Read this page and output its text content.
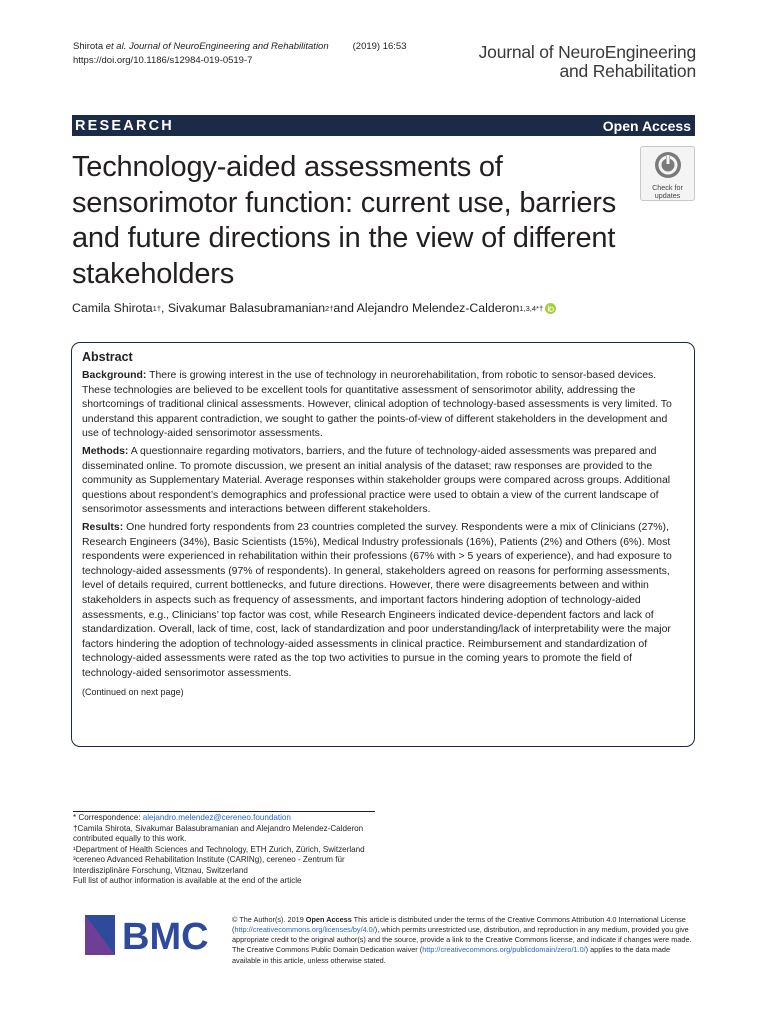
Shirota et al. Journal of NeuroEngineering and Rehabilitation	(2019) 16:53
https://doi.org/10.1186/s12984-019-0519-7	Journal of NeuroEngineering
and Rehabilitation
RESEARCH	Open Access
Technology-aided assessments of sensorimotor function: current use, barriers and future directions in the view of different stakeholders
Check for
updates
Camila Shirota 1† , Sivakumar Balasubramanian 2† and Alejandro Melendez-Calderon 1,3,4*†
Abstract

Background: There is growing interest in the use of technology in neurorehabilitation, from robotic to sensor-based devices. These technologies are believed to be excellent tools for quantitative assessment of sensorimotor ability, addressing the shortcomings of traditional clinical assessments. However, clinical adoption of technology-based assessments is very limited. To understand this apparent contradiction, we sought to gather the points-of-view of different stakeholders in the development and use of technology-aided sensorimotor assessments.

Methods: A questionnaire regarding motivators, barriers, and the future of technology-aided assessments was prepared and disseminated online. To promote discussion, we present an initial analysis of the dataset; raw responses are provided to the community as Supplementary Material. Average responses within stakeholder groups were compared across groups. Additional questions about respondent’s demographics and professional practice were used to obtain a view of the current landscape of sensorimotor assessments and interactions between different stakeholders.

Results: One hundred forty respondents from 23 countries completed the survey. Respondents were a mix of Clinicians (27%), Research Engineers (34%), Basic Scientists (15%), Medical Industry professionals (16%), Patients (2%) and Others (6%). Most respondents were experienced in rehabilitation within their professions (67% with > 5 years of experience), and had exposure to technology-aided assessments (97% of respondents). In general, stakeholders agreed on reasons for performing assessments, level of details required, current bottlenecks, and future directions. However, there were disagreements between and within stakeholders in aspects such as frequency of assessments, and important factors hindering adoption of technology-aided assessments, e.g., Clinicians’ top factor was cost, while Research Engineers indicated device-dependent factors and lack of standardization. Overall, lack of time, cost, lack of standardization and poor understanding/lack of interpretability were the major factors hindering the adoption of technology-aided assessments in clinical practice. Reimbursement and standardization of technology-aided assessments were rated as the top two activities to pursue in the coming years to promote the field of technology-aided sensorimotor assessments.

(Continued on next page)

* Correspondence: alejandro.melendez@cereneo.foundation
†Camila Shirota, Sivakumar Balasubramanian and Alejandro Melendez-Calderon contributed equally to this work.
¹Department of Health Sciences and Technology, ETH Zurich, Zürich, Switzerland
³cereneo Advanced Rehabilitation Institute (CARINg), cereneo - Zentrum für Interdisziplinäre Forschung, Vitznau, Switzerland
Full list of author information is available at the end of the article
BMC	© The Author(s). 2019 Open Access This article is distributed under the terms of the Creative Commons Attribution 4.0 International License (http://creativecommons.org/licenses/by/4.0/), which permits unrestricted use, distribution, and reproduction in any medium, provided you give appropriate credit to the original author(s) and the source, provide a link to the Creative Commons license, and indicate if changes were made. The Creative Commons Public Domain Dedication waiver (http://creativecommons.org/publicdomain/zero/1.0/) applies to the data made available in this article, unless otherwise stated.
